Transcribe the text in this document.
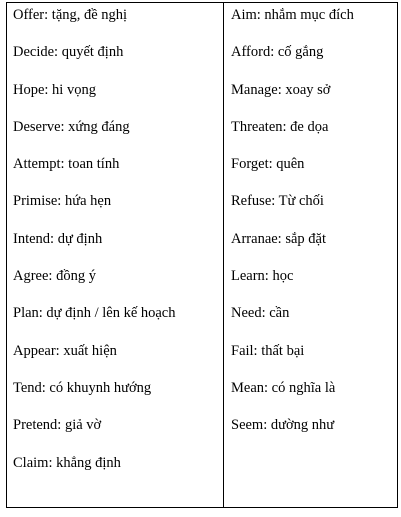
Offer: tặng, đề nghị
Decide: quyết định
Hope: hi vọng
Deserve: xứng đáng
Attempt: toan tính
Primise: hứa hẹn
Intend: dự định
Agree: đồng ý
Plan: dự định / lên kế hoạch
Appear: xuất hiện
Tend: có khuynh hướng
Pretend: giả vờ
Claim: khẳng định

Aim: nhắm mục đích
Afford: cố gắng
Manage: xoay sở
Threaten: đe dọa
Forget: quên
Refuse: Từ chối
Arranae: sắp đặt
Learn: học
Need: cần
Fail: thất bại
Mean: có nghĩa là
Seem: dường như
